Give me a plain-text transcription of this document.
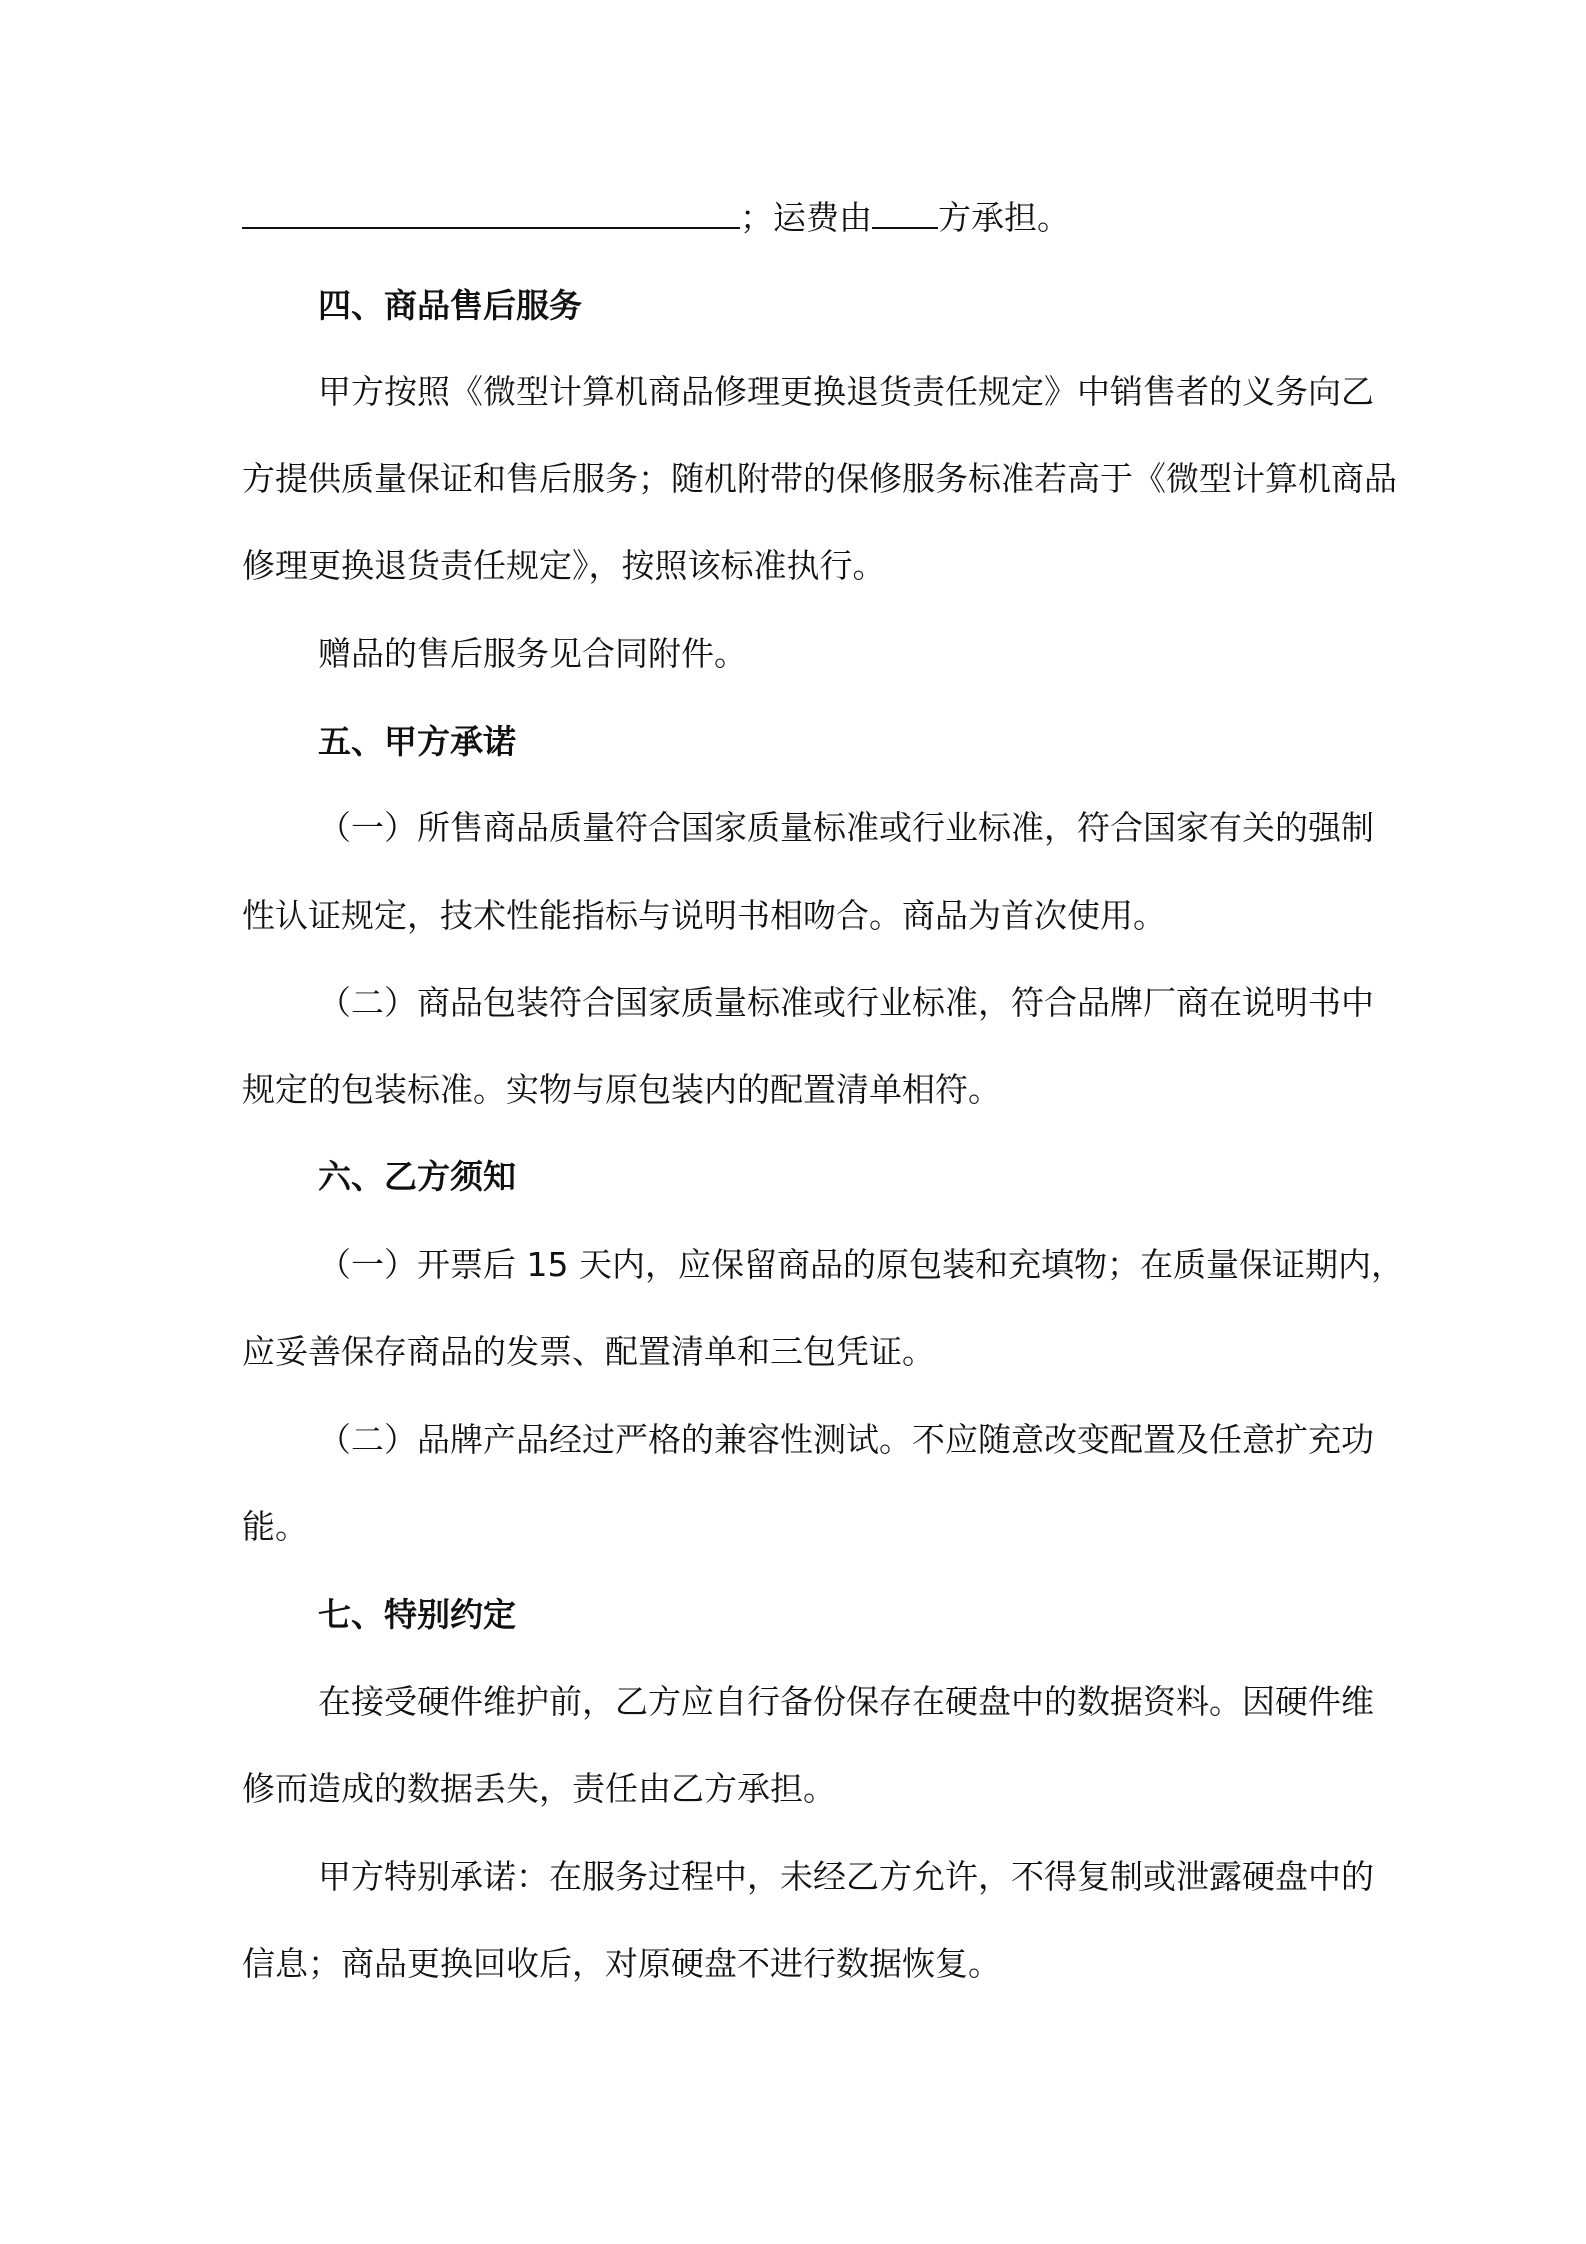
；运费由 方承担。
四、商品售后服务
甲方按照《微型计算机商品修理更换退货责任规定》中销售者的义务向乙
方提供质量保证和售后服务；随机附带的保修服务标准若高于《微型计算机商品
修理更换退货责任规定》，按照该标准执行。
赠品的售后服务见合同附件。
五、甲方承诺
（一）所售商品质量符合国家质量标准或行业标准，符合国家有关的强制
性认证规定，技术性能指标与说明书相吻合。商品为首次使用。
（二）商品包装符合国家质量标准或行业标准，符合品牌厂商在说明书中
规定的包装标准。实物与原包装内的配置清单相符。
六、乙方须知
（一）开票后 15 天内，应保留商品的原包装和充填物；在质量保证期内，
应妥善保存商品的发票、配置清单和三包凭证。
（二）品牌产品经过严格的兼容性测试。不应随意改变配置及任意扩充功
能。
七、特别约定
在接受硬件维护前，乙方应自行备份保存在硬盘中的数据资料。因硬件维
修而造成的数据丢失，责任由乙方承担。
甲方特别承诺：在服务过程中，未经乙方允许，不得复制或泄露硬盘中的
信息；商品更换回收后，对原硬盘不进行数据恢复。
